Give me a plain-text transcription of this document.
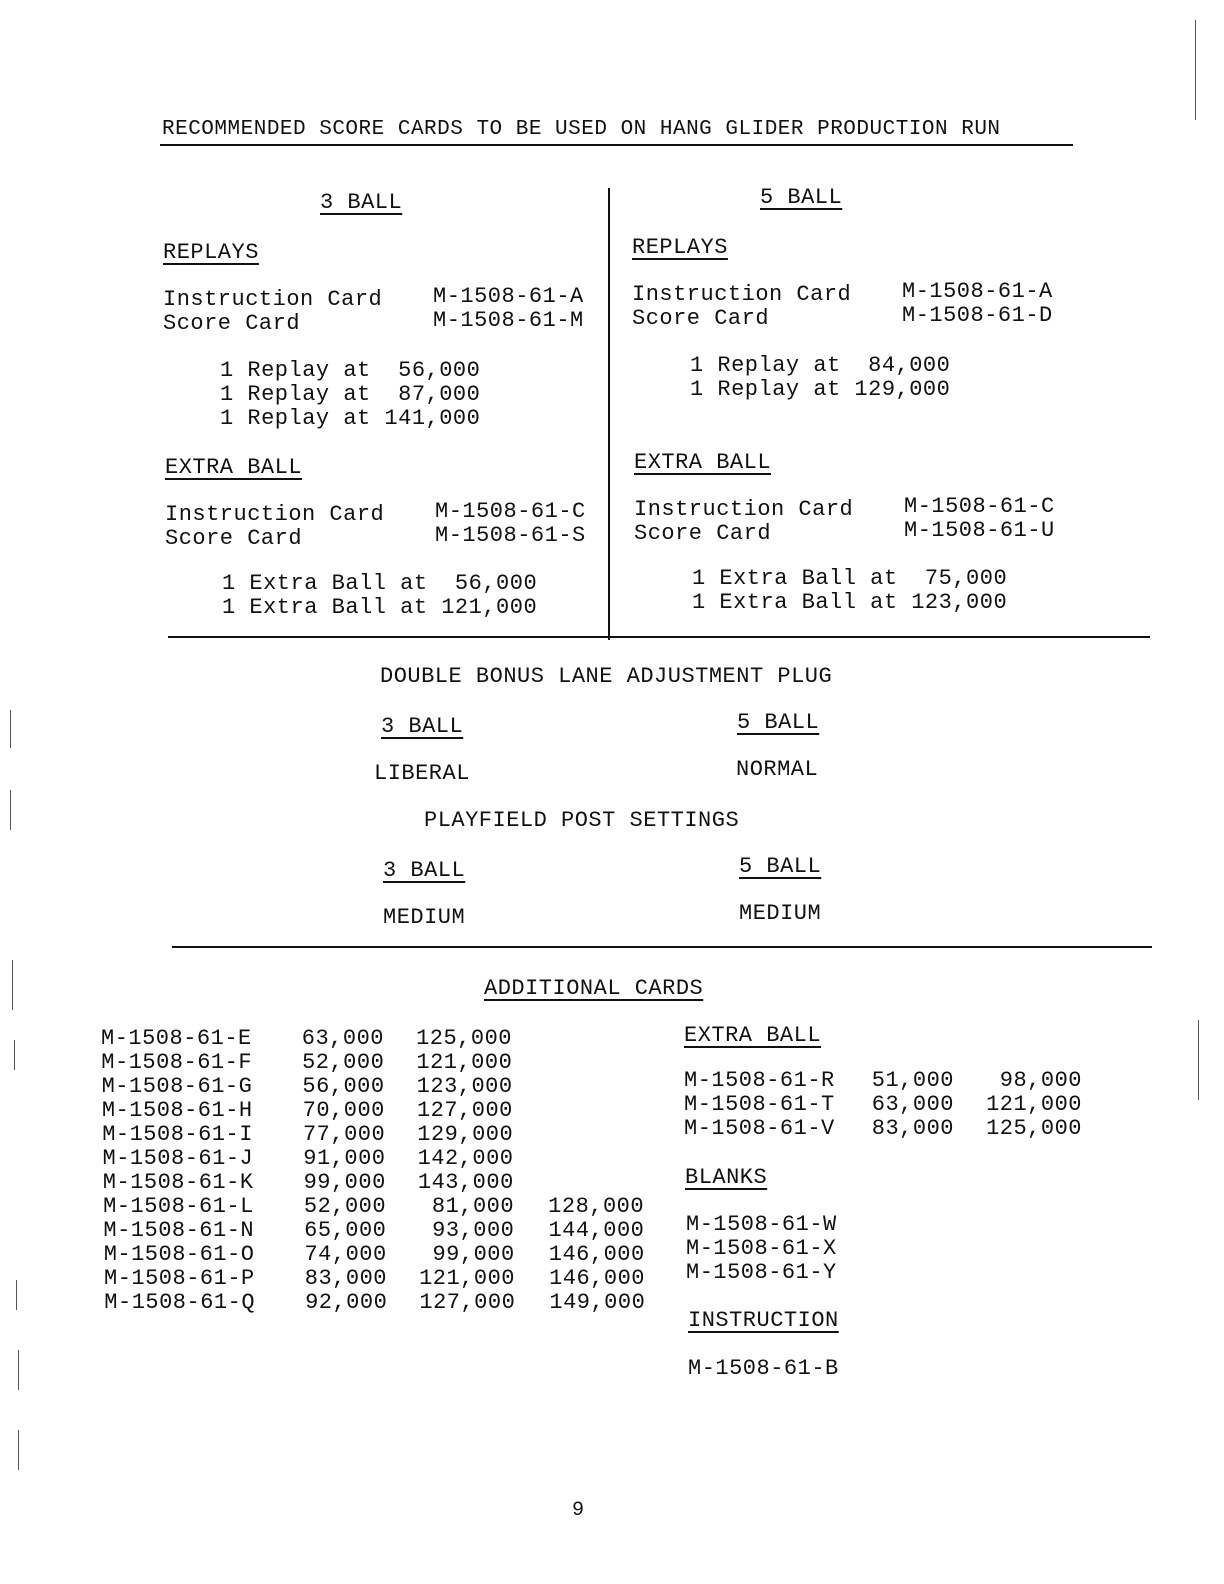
RECOMMENDED SCORE CARDS TO BE USED ON HANG GLIDER PRODUCTION RUN
3 BALL
REPLAYS
Instruction Card M-1508-61-A
Score Card	M-1508-61-M
1 Replay at  56,000
1 Replay at  87,000
1 Replay at 141,000
EXTRA BALL
Instruction Card M-1508-61-C
Score Card	M-1508-61-S
1 Extra Ball at  56,000
1 Extra Ball at 121,000
5 BALL
REPLAYS
Instruction Card M-1508-61-A
Score Card	M-1508-61-D
1 Replay at  84,000
1 Replay at 129,000
EXTRA BALL
Instruction Card M-1508-61-C
Score Card	M-1508-61-U
1 Extra Ball at  75,000
1 Extra Ball at 123,000
DOUBLE BONUS LANE ADJUSTMENT PLUG
3 BALL	5 BALL
LIBERAL	NORMAL
PLAYFIELD POST SETTINGS
3 BALL	5 BALL
MEDIUM	MEDIUM
ADDITIONAL CARDS
M-1508-61-E	63,000	125,000
M-1508-61-F	52,000	121,000
M-1508-61-G	56,000	123,000
M-1508-61-H	70,000	127,000
M-1508-61-I	77,000	129,000
M-1508-61-J	91,000	142,000
M-1508-61-K	99,000	143,000
M-1508-61-L	52,000	81,000	128,000
M-1508-61-N	65,000	93,000	144,000
M-1508-61-O	74,000	99,000	146,000
M-1508-61-P	83,000	121,000	146,000
M-1508-61-Q	92,000	127,000	149,000
EXTRA BALL
M-1508-61-R	51,000	98,000
M-1508-61-T	63,000	121,000
M-1508-61-V	83,000	125,000
BLANKS
M-1508-61-W
M-1508-61-X
M-1508-61-Y
INSTRUCTION
M-1508-61-B
9
